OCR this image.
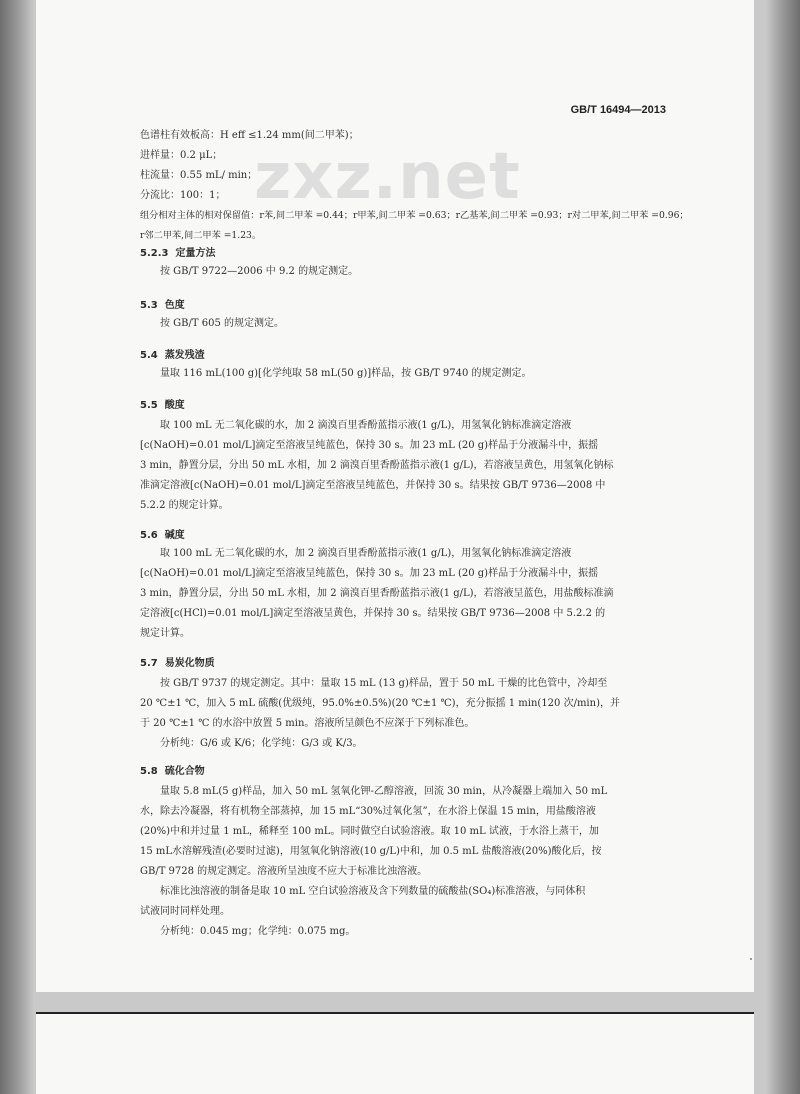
zxz.net
GB/T 16494—2013

色谱柱有效板高：H eff ≤1.24 mm(间二甲苯)；

进样量：0.2 μL；

柱流量：0.55 mL/ min；

分流比：100：1；

组分相对主体的相对保留值：r苯,间二甲苯 =0.44；r甲苯,间二甲苯 =0.63；r乙基苯,间二甲苯 =0.93；r对二甲苯,间二甲苯 =0.96；

r邻二甲苯,间二甲苯 =1.23。

5.2.3 定量方法

按 GB/T 9722—2006 中 9.2 的规定测定。

5.3 色度

按 GB/T 605 的规定测定。

5.4 蒸发残渣

量取 116 mL(100 g)[化学纯取 58 mL(50 g)]样品，按 GB/T 9740 的规定测定。

5.5 酸度

取 100 mL 无二氧化碳的水，加 2 滴溴百里香酚蓝指示液(1 g/L)，用氢氧化钠标准滴定溶液

[c(NaOH)=0.01 mol/L]滴定至溶液呈纯蓝色，保持 30 s。加 23 mL (20 g)样品于分液漏斗中，振摇

3 min，静置分层，分出 50 mL 水相，加 2 滴溴百里香酚蓝指示液(1 g/L)，若溶液呈黄色，用氢氧化钠标

准滴定溶液[c(NaOH)=0.01 mol/L]滴定至溶液呈纯蓝色，并保持 30 s。结果按 GB/T 9736—2008 中

5.2.2 的规定计算。

5.6 碱度

取 100 mL 无二氧化碳的水，加 2 滴溴百里香酚蓝指示液(1 g/L)，用氢氧化钠标准滴定溶液

[c(NaOH)=0.01 mol/L]滴定至溶液呈纯蓝色，保持 30 s。加 23 mL (20 g)样品于分液漏斗中，振摇

3 min，静置分层，分出 50 mL 水相，加 2 滴溴百里香酚蓝指示液(1 g/L)，若溶液呈蓝色，用盐酸标准滴

定溶液[c(HCl)=0.01 mol/L]滴定至溶液呈黄色，并保持 30 s。结果按 GB/T 9736—2008 中 5.2.2 的

规定计算。

5.7 易炭化物质

按 GB/T 9737 的规定测定。其中：量取 15 mL (13 g)样品，置于 50 mL 干燥的比色管中，冷却至

20 ℃±1 ℃，加入 5 mL 硫酸(优级纯，95.0%±0.5%)(20 ℃±1 ℃)，充分振摇 1 min(120 次/min)，并

于 20 ℃±1 ℃ 的水浴中放置 5 min。溶液所呈颜色不应深于下列标准色。

分析纯：G/6 或 K/6；化学纯：G/3 或 K/3。

5.8 硫化合物

量取 5.8 mL(5 g)样品，加入 50 mL 氢氧化钾-乙醇溶液，回流 30 min，从冷凝器上端加入 50 mL

水，除去冷凝器，将有机物全部蒸掉，加 15 mL“30%过氧化氢”，在水浴上保温 15 min，用盐酸溶液

(20%)中和并过量 1 mL，稀释至 100 mL。同时做空白试验溶液。取 10 mL 试液，于水浴上蒸干，加

15 mL水溶解残渣(必要时过滤)，用氢氧化钠溶液(10 g/L)中和，加 0.5 mL 盐酸溶液(20%)酸化后，按

GB/T 9728 的规定测定。溶液所呈浊度不应大于标准比浊溶液。

标准比浊溶液的制备是取 10 mL 空白试验溶液及含下列数量的硫酸盐(SO₄)标准溶液，与同体积

试液同时同样处理。

分析纯：0.045 mg；化学纯：0.075 mg。
